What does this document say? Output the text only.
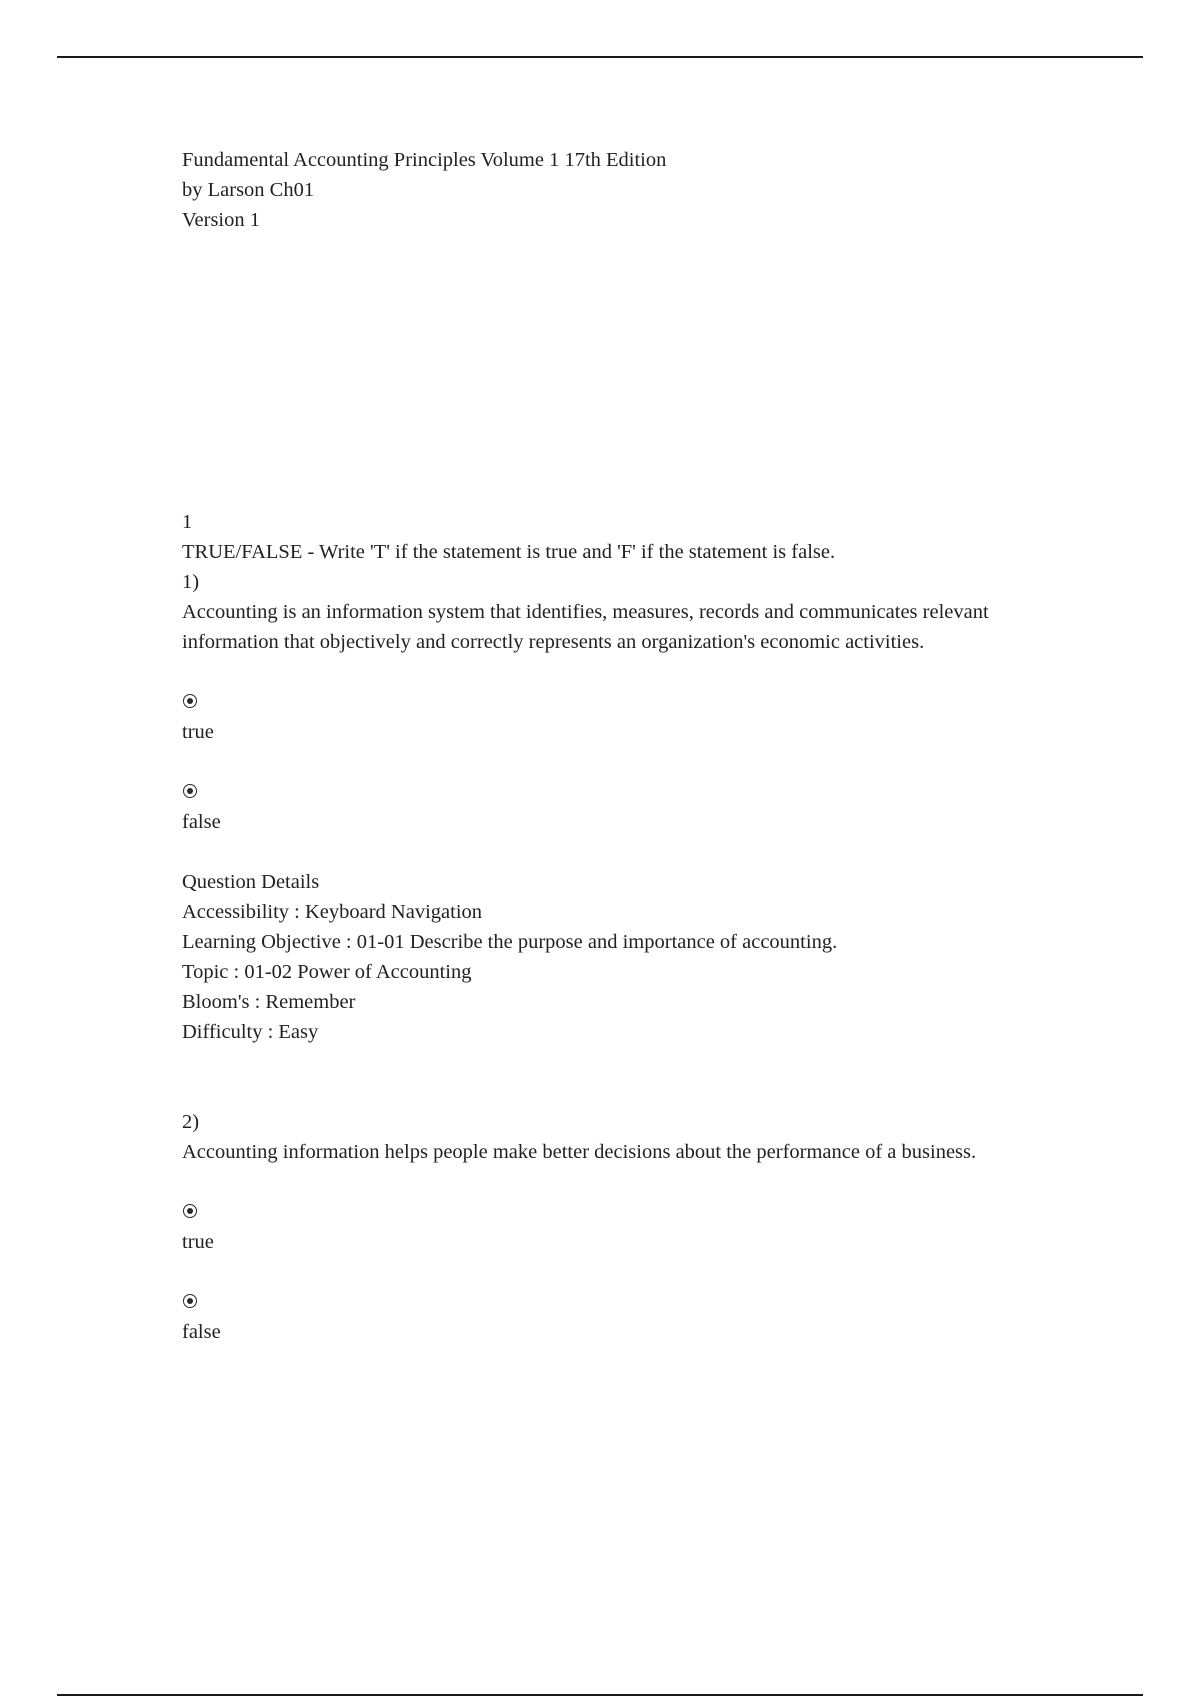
Fundamental Accounting Principles Volume 1 17th Edition
by Larson Ch01
Version 1
1
TRUE/FALSE - Write 'T' if the statement is true and 'F' if the statement is false.
1)
Accounting is an information system that identifies, measures, records and communicates relevant information that objectively and correctly represents an organization's economic activities.
true
false
Question Details
Accessibility : Keyboard Navigation
Learning Objective : 01-01 Describe the purpose and importance of accounting.
Topic : 01-02 Power of Accounting
Bloom's : Remember
Difficulty : Easy
2)
Accounting information helps people make better decisions about the performance of a business.
true
false
